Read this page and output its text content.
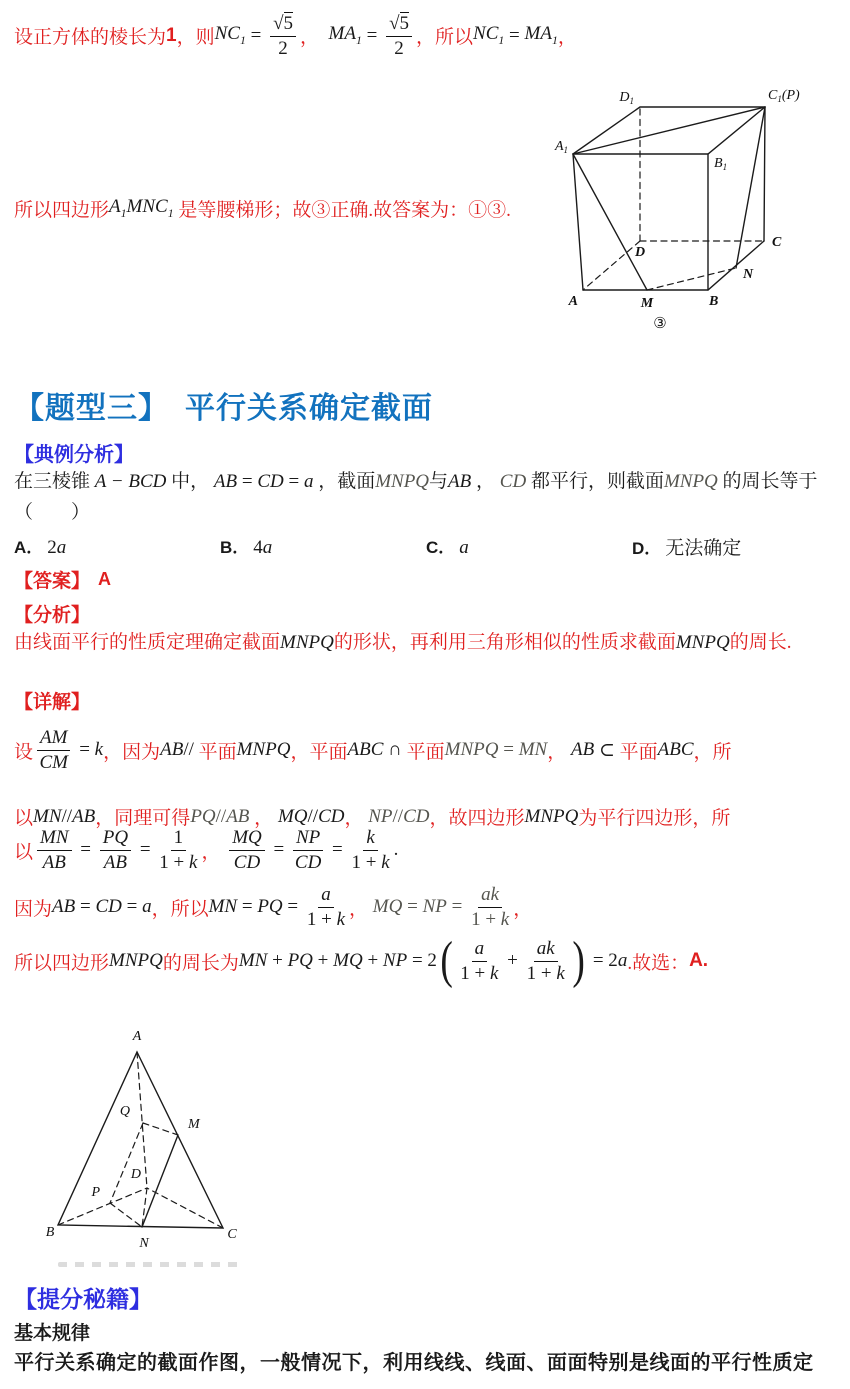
设正方体的棱长为 1 ，则 $NC_1 = \frac{√ 5}{2}$ ， $MA_1 = \frac{√ 5}{2}$ ，所以 $NC_1 = MA_1$ ，
$D_1$	$C_1(P)$
$A_1$
$B_1$
D
C
N
A	M	B
③
所以四边形 $A_1$ $MNC_1$ 是等腰梯形；故③正确.故答案为：①③.
【题型三】　平行关系确定截面
【典例分析】
在三棱锥 A − BCD 中， AB = CD = a ，截面MNPQ与AB ， CD 都平行，则截面MNPQ 的周长等于（　　）
A． 2a	B． 4a	C． a	D． 无法确定
【答案】 A
【分析】
由线面平行的性质定理确定截面MNPQ的形状，再利用三角形相似的性质求截面MNPQ的周长.
【详解】
设 $\frac{AM}{CM} = k$ ，因为 AB // 平面 MNPQ ， 平面 ABC ∩ 平面 MNPQ = MN ， AB ⊂ 平面 ABC ，所
以 MN // AB ，同理可得 PQ // AB ， MQ // CD ， NP // CD ，故四边形 MNPQ 为平行四边形，所
以 $\frac{MN}{AB} = \frac{PQ}{AB} = \frac{1}{1 + k}$ ， $\frac{MQ}{CD} = \frac{NP}{CD} = \frac{k}{1 + k}$ .
因为 AB = CD = a ，所以 MN = PQ = $\frac{a}{1 + k}$ ， MQ = NP = $\frac{ak}{1 + k}$ ，
所以四边形 MNPQ 的周长为 MN + PQ + MQ + NP = 2 ( $\frac{a}{1 + k} + \frac{ak}{1 + k}$ ) = 2 a .故选： A.
A
Q
M
D
P
B
N
C
【提分秘籍】
基本规律
平行关系确定的截面作图，一般情况下，利用线线、线面、面面特别是线面的平行性质定
